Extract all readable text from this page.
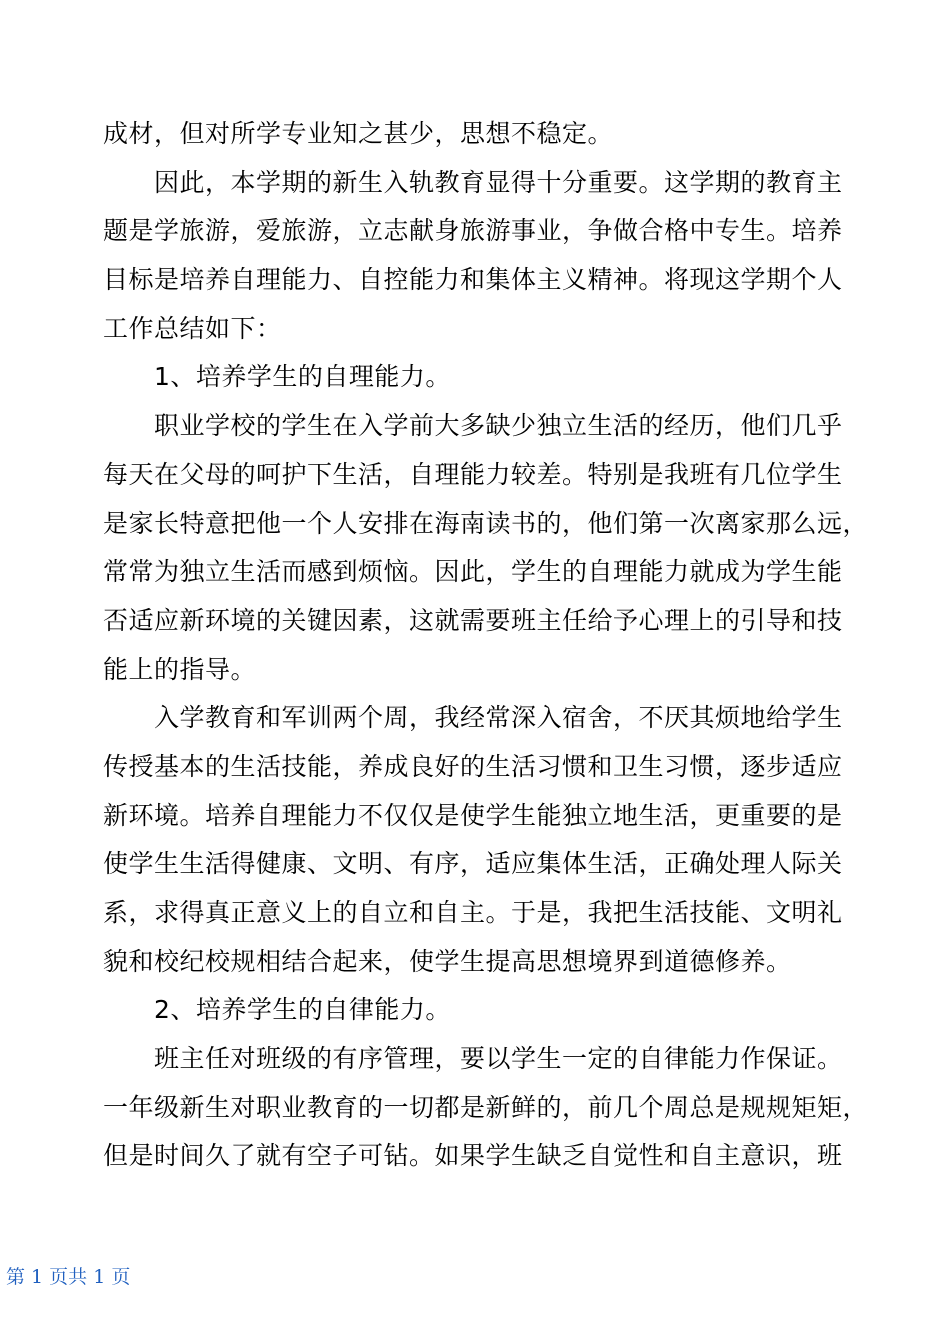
成材，但对所学专业知之甚少，思想不稳定。
　　因此，本学期的新生入轨教育显得十分重要。这学期的教育主
题是学旅游，爱旅游，立志献身旅游事业，争做合格中专生。培养
目标是培养自理能力、自控能力和集体主义精神。将现这学期个人
工作总结如下：
　　1、培养学生的自理能力。
　　职业学校的学生在入学前大多缺少独立生活的经历，他们几乎
每天在父母的呵护下生活，自理能力较差。特别是我班有几位学生
是家长特意把他一个人安排在海南读书的，他们第一次离家那么远，
常常为独立生活而感到烦恼。因此，学生的自理能力就成为学生能
否适应新环境的关键因素，这就需要班主任给予心理上的引导和技
能上的指导。
　　入学教育和军训两个周，我经常深入宿舍，不厌其烦地给学生
传授基本的生活技能，养成良好的生活习惯和卫生习惯，逐步适应
新环境。培养自理能力不仅仅是使学生能独立地生活，更重要的是
使学生生活得健康、文明、有序，适应集体生活，正确处理人际关
系，求得真正意义上的自立和自主。于是，我把生活技能、文明礼
貌和校纪校规相结合起来，使学生提高思想境界到道德修养。
　　2、培养学生的自律能力。
　　班主任对班级的有序管理，要以学生一定的自律能力作保证。
一年级新生对职业教育的一切都是新鲜的，前几个周总是规规矩矩，
但是时间久了就有空子可钻。如果学生缺乏自觉性和自主意识，班
第 1 页共 1 页
